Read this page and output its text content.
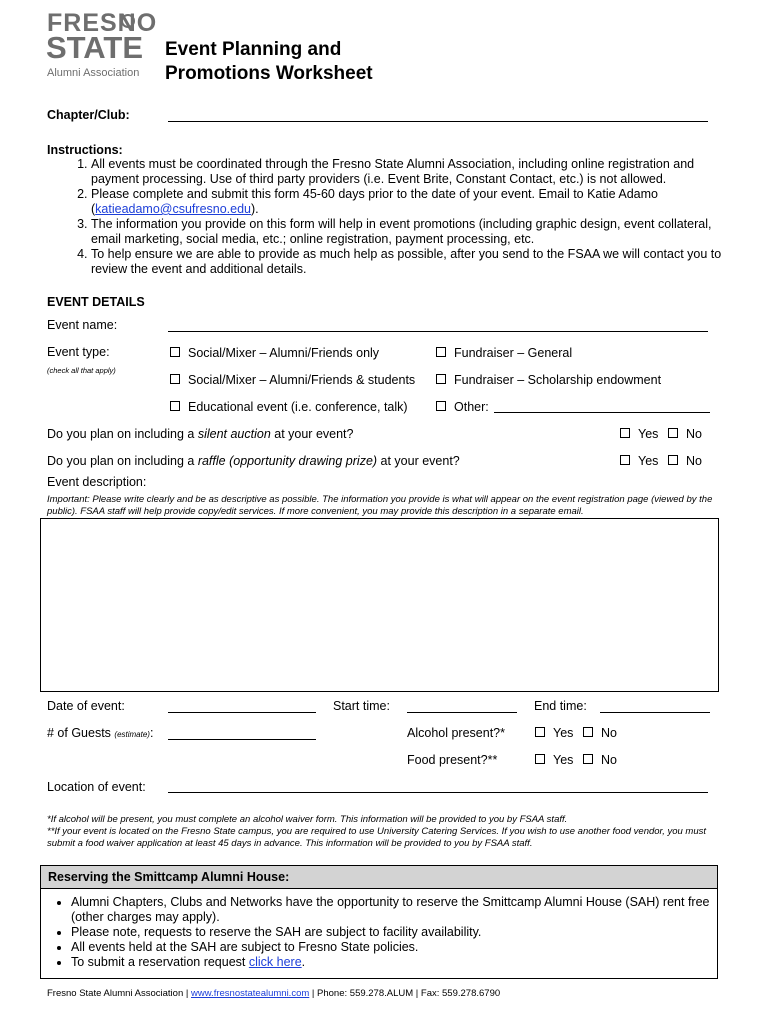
FRESNO
STATE
Alumni Association
Event Planning and
Promotions Worksheet
Chapter/Club:
Instructions:
1. All events must be coordinated through the Fresno State Alumni Association, including online registration and payment processing. Use of third party providers (i.e. Event Brite, Constant Contact, etc.) is not allowed.
2. Please complete and submit this form 45-60 days prior to the date of your event. Email to Katie Adamo (katieadamo@csufresno.edu).
3. The information you provide on this form will help in event promotions (including graphic design, event collateral, email marketing, social media, etc.; online registration, payment processing, etc.
4. To help ensure we are able to provide as much help as possible, after you send to the FSAA we will contact you to review the event and additional details.
EVENT DETAILS
Event name:
Event type:
(check all that apply)
Social/Mixer – Alumni/Friends only	Fundraiser – General
Social/Mixer – Alumni/Friends & students	Fundraiser – Scholarship endowment
Educational event (i.e. conference, talk)	Other:
Do you plan on including a silent auction at your event?	Yes	No
Do you plan on including a raffle (opportunity drawing prize) at your event?	Yes	No
Event description:
Important: Please write clearly and be as descriptive as possible. The information you provide is what will appear on the event registration page (viewed by the public). FSAA staff will help provide copy/edit services. If more convenient, you may provide this description in a separate email.
Date of event:	Start time:	End time:
# of Guests (estimate):	Alcohol present?*	Yes	No
Food present?**	Yes	No
Location of event:
*If alcohol will be present, you must complete an alcohol waiver form. This information will be provided to you by FSAA staff.
**If your event is located on the Fresno State campus, you are required to use University Catering Services. If you wish to use another food vendor, you must submit a food waiver application at least 45 days in advance. This information will be provided to you by FSAA staff.
Reserving the Smittcamp Alumni House:
• Alumni Chapters, Clubs and Networks have the opportunity to reserve the Smittcamp Alumni House (SAH) rent free (other charges may apply).
• Please note, requests to reserve the SAH are subject to facility availability.
• All events held at the SAH are subject to Fresno State policies.
• To submit a reservation request click here.
Fresno State Alumni Association | www.fresnostatealumni.com | Phone: 559.278.ALUM | Fax: 559.278.6790
